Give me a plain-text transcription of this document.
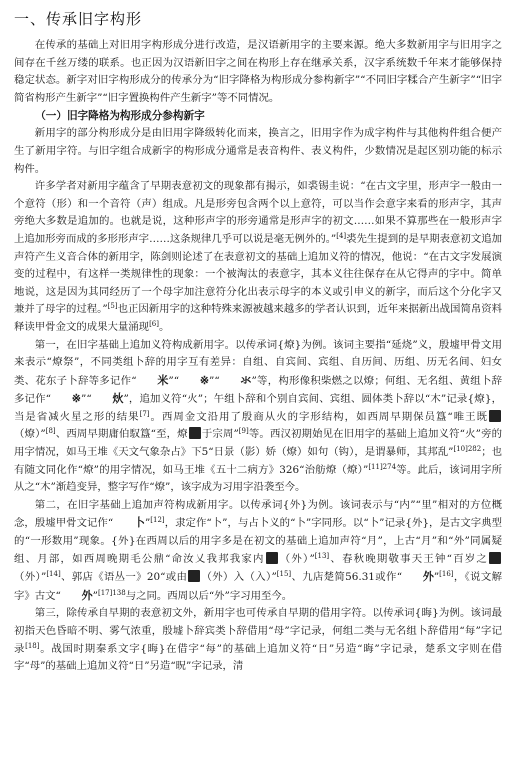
一、传承旧字构形

在传承的基础上对旧用字构形成分进行改造，是汉语新用字的主要来源。绝大多数新用字与旧用字之间存在千丝万缕的联系。也正因为汉语新旧字之间在构形上存在继承关系，汉字系统数千年来才能够保持稳定状态。新字对旧字构形成分的传承分为“旧字降格为构形成分参构新字”“不同旧字糅合产生新字”“旧字简省构形产生新字”“旧字置换构件产生新字”等不同情况。

（一）旧字降格为构形成分参构新字

新用字的部分构形成分是由旧用字降级转化而来，换言之，旧用字作为成字构件与其他构件组合便产生了新用字符。与旧字组合成新字的构形成分通常是表音构件、表义构件，少数情况是起区别功能的标示构件。

许多学者对新用字蕴含了早期表意初文的现象都有揭示，如裘锡圭说：“在古文字里，形声字一般由一个意符（形）和一个音符（声）组成。凡是形旁包含两个以上意符，可以当作会意字来看的形声字，其声旁绝大多数是追加的。也就是说，这种形声字的形旁通常是形声字的初文……如果不算那些在一般形声字上追加形旁而成的多形形声字……这条规律几乎可以说是毫无例外的。”[4]裘先生提到的是早期表意初文追加声符产生义音合体的新用字，陈剑则论述了在表意初文的基础上追加义符的情况，他说：“在古文字发展演变的过程中，有这样一类规律性的现象：一个被淘汰的表意字，其本义往往保存在从它得声的字中。简单地说，这是因为其同经历了一个母字加注意符分化出表示母字的本义或引申义的新字，而后这个分化字又兼并了母字的过程。”[5]也正因新用字的这种特殊来源被越来越多的学者认识到，近年来据新出战国简帛资料释读甲骨金文的成果大量涌现[6]。

第一，在旧字基础上追加义符构成新用字。以传承词{燎}为例。该词主要指“延烧”义，殷墟甲骨文用来表示“燎祭”，不同类组卜辞的用字互有差异：自组、自宾间、宾组、自历间、历组、历无名间、妇女类、花东子卜辞等多记作“ 米”“ ※”“ 氺”等，构形像积柴燃之以燎；何组、无名组、黄组卜辞多记作“ ※”“ 炏”，追加义符“火”；午组卜辞和个别自宾间、宾组、圆体类卜辞以“木”记录{燎}，当是省减火星之形的结果[7]。西周金文沿用了殷商从火的字形结构，如西周早期保员簋“唯王既（燎）”[8]、西周早期庸伯馭簋“至，燎 于宗周”[9]等。西汉初期始见在旧用字的基础上追加义符“火”旁的用字情况，如马王堆《天文气象杂占》下5“日景（影）娇（燎）如句（钩），是谓暴师，其邦乱”$^{[10]282}$；也有随文同化作“燎”的用字情况，如马王堆《五十二病方》326“治舫燎（燎）”$^{[11]274}$等。此后，该词用字所从之“木”渐趋变异，整字写作“燎”，该字成为习用字沿袭至今。

第二，在旧字基础上追加声符构成新用字。以传承词{外}为例。该词表示与“内”“里”相对的方位概念，殷墟甲骨文记作“ 卜”[12]，隶定作“卜”，与占卜义的“卜”字同形。以“卜”记录{外}，是古文字典型的“一形数用”现象。{外}在西周以后的用字多是在初文的基础上追加声符“月”，上古“月”和“外”同属疑组、月部，如西周晚期毛公鼎“命汝乂我邦我家内 （外）”[13]、春秋晚期敬事天王钟“百岁之（外）”[14]、郭店《语丛一》20“或由 （外）入（入）”[15]、九店楚简56.31或作“ 外”[16]，《说文解字》古文“ 外”$^{[17]138}$与之同。西周以后“外”字习用至今。

第三，除传承自早期的表意初文外，新用字也可传承自早期的借用字符。以传承词{晦}为例。该词最初指天色昏暗不明、雾气浓重，殷墟卜辞宾类卜辞借用“母”字记录，何组二类与无名组卜辞借用“每”字记录[18]。战国时期秦系文字{晦}在借字“每”的基础上追加义符“日”另造“晦”字记录，楚系文字则在借字“母”的基础上追加义符“日”另造“㫛”字记录，清
